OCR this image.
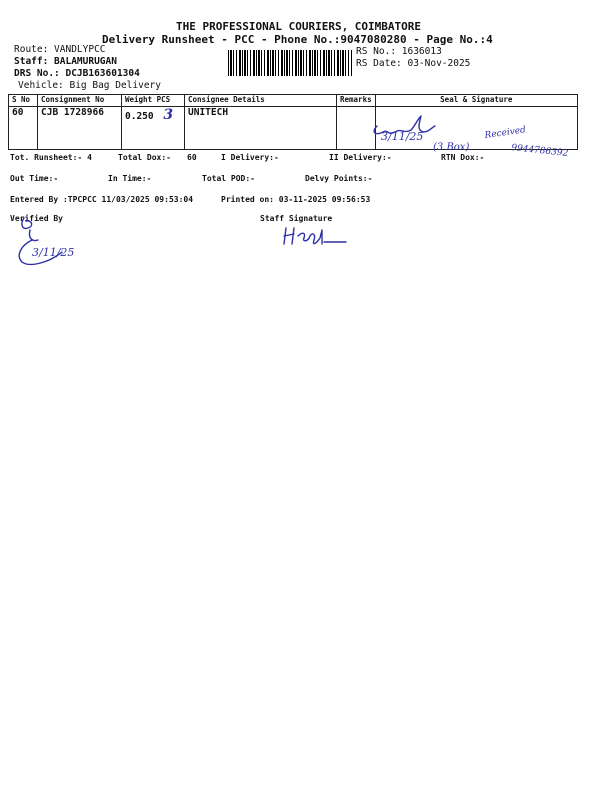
THE PROFESSIONAL COURIERS, COIMBATORE
Delivery Runsheet - PCC - Phone No.:9047080280 - Page No.:4
Route: VANDLYPCC
Staff: BALAMURUGAN
DRS No.: DCJB163601304
Vehicle: Big Bag Delivery
RS No.: 1636013
RS Date: 03-Nov-2025
S No	Consignment No	Weight PCS	Consignee Details	Remarks	Seal & Signature
60	CJB 1728966	0.250 3	UNITECH		
3/11/25
(3 Box)
Received
9944786392
Tot. Runsheet:- 4	Total Dox:- 60	I Delivery:-	II Delivery:-	RTN Dox:-
Out Time:-	In Time:-	Total POD:-	Delvy Points:-
Entered By :TPCPCC 11/03/2025 09:53:04	Printed on: 03-11-2025 09:56:53
Verified By	Staff Signature
3/11/25
